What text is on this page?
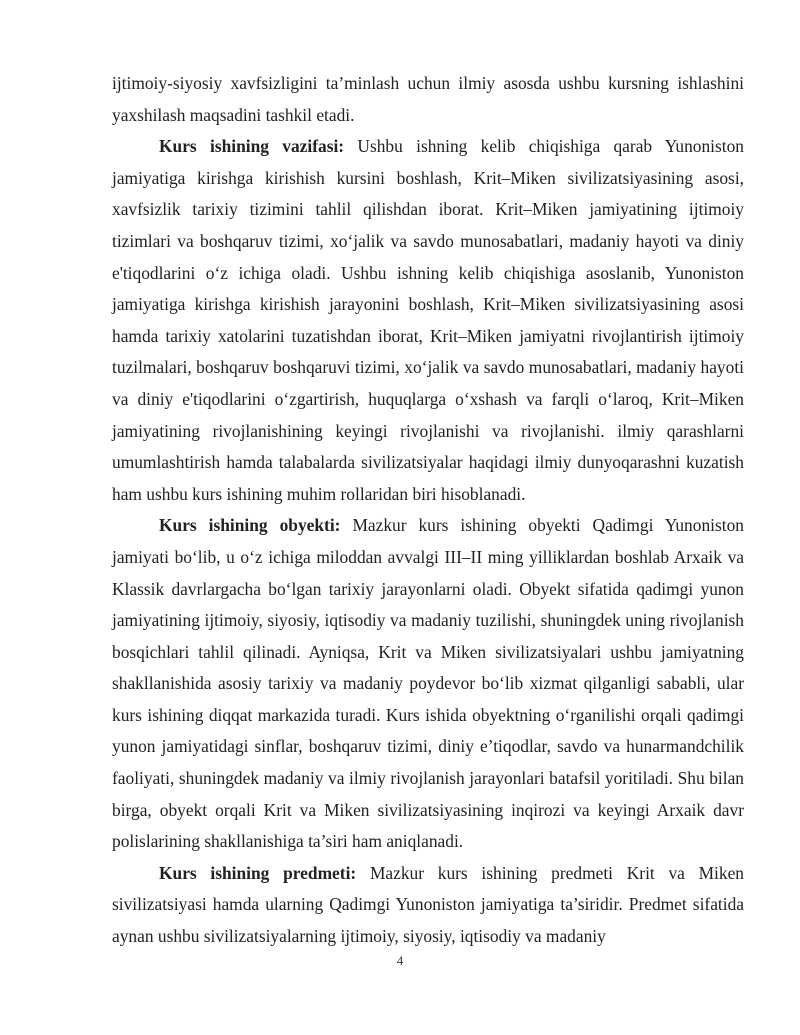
ijtimoiy-siyosiy xavfsizligini ta’minlash uchun ilmiy asosda ushbu kursning ishlashini yaxshilash maqsadini tashkil etadi.

Kurs ishining vazifasi: Ushbu ishning kelib chiqishiga qarab Yunoniston jamiyatiga kirishga kirishish kursini boshlash, Krit–Miken sivilizatsiyasining asosi, xavfsizlik tarixiy tizimini tahlil qilishdan iborat. Krit–Miken jamiyatining ijtimoiy tizimlari va boshqaruv tizimi, xo‘jalik va savdo munosabatlari, madaniy hayoti va diniy e'tiqodlarini o‘z ichiga oladi. Ushbu ishning kelib chiqishiga asoslanib, Yunoniston jamiyatiga kirishga kirishish jarayonini boshlash, Krit–Miken sivilizatsiyasining asosi hamda tarixiy xatolarini tuzatishdan iborat, Krit–Miken jamiyatni rivojlantirish ijtimoiy tuzilmalari, boshqaruv boshqaruvi tizimi, xo‘jalik va savdo munosabatlari, madaniy hayoti va diniy e'tiqodlarini o‘zgartirish, huquqlarga o‘xshash va farqli o‘laroq, Krit–Miken jamiyatining rivojlanishining keyingi rivojlanishi va rivojlanishi. ilmiy qarashlarni umumlashtirish hamda talabalarda sivilizatsiyalar haqidagi ilmiy dunyoqarashni kuzatish ham ushbu kurs ishining muhim rollaridan biri hisoblanadi.

Kurs ishining obyekti: Mazkur kurs ishining obyekti Qadimgi Yunoniston jamiyati bo‘lib, u o‘z ichiga miloddan avvalgi III–II ming yilliklardan boshlab Arxaik va Klassik davrlargacha bo‘lgan tarixiy jarayonlarni oladi. Obyekt sifatida qadimgi yunon jamiyatining ijtimoiy, siyosiy, iqtisodiy va madaniy tuzilishi, shuningdek uning rivojlanish bosqichlari tahlil qilinadi. Ayniqsa, Krit va Miken sivilizatsiyalari ushbu jamiyatning shakllanishida asosiy tarixiy va madaniy poydevor bo‘lib xizmat qilganligi sababli, ular kurs ishining diqqat markazida turadi. Kurs ishida obyektning o‘rganilishi orqali qadimgi yunon jamiyatidagi sinflar, boshqaruv tizimi, diniy e’tiqodlar, savdo va hunarmandchilik faoliyati, shuningdek madaniy va ilmiy rivojlanish jarayonlari batafsil yoritiladi. Shu bilan birga, obyekt orqali Krit va Miken sivilizatsiyasining inqirozi va keyingi Arxaik davr polislarining shakllanishiga ta’siri ham aniqlanadi.

Kurs ishining predmeti: Mazkur kurs ishining predmeti Krit va Miken sivilizatsiyasi hamda ularning Qadimgi Yunoniston jamiyatiga ta’siridir. Predmet sifatida aynan ushbu sivilizatsiyalarning ijtimoiy, siyosiy, iqtisodiy va madaniy

4
